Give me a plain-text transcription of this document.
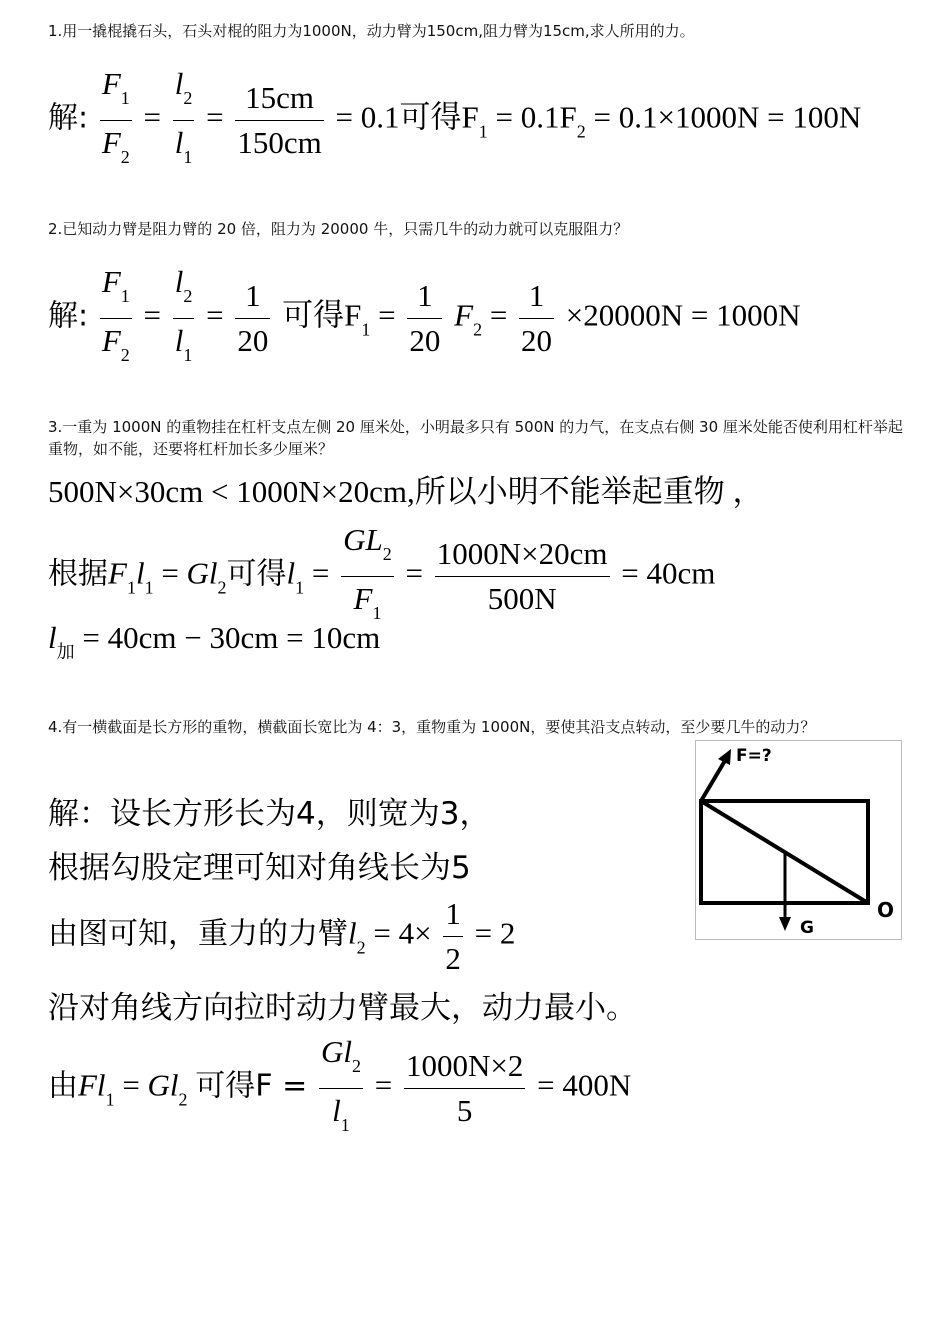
1.用一撬棍撬石头，石头对棍的阻力为1000N，动力臂为150cm,阻力臂为15cm,求人所用的力。
解: $\frac{F_1}{F_2} = \frac{l_2}{l_1} = \frac{15cm}{150cm} = 0.1$可得$F_1 = 0.1F_2 = 0.1\times 1000N = 100N$
2.已知动力臂是阻力臂的 20 倍，阻力为 20000 牛，只需几牛的动力就可以克服阻力？
解: $\frac{F_1}{F_2} = \frac{l_2}{l_1} = \frac{1}{20}$ 可得$F_1 = \frac{1}{20} F_2 = \frac{1}{20} \times 20000N = 1000N$
3.一重为 1000N 的重物挂在杠杆支点左侧 20 厘米处，小明最多只有 500N 的力气，在支点右侧 30 厘米处能否使利用杠杆举起重物，如不能，还要将杠杆加长多少厘米？
500N×30cm < 1000N×20cm,所以小明不能举起重物 ，
根据$F_1l_1 = Gl_2$可得$l_1 = \frac{GL_2}{F_1} = \frac{1000N\times 20cm}{500N} = 40cm$
$l_加 = 40cm - 30cm = 10cm$
4.有一横截面是长方形的重物，横截面长宽比为 4：3，重物重为 1000N，要使其沿支点转动，至少要几牛的动力？
解：设长方形长为4，则宽为3，
根据勾股定理可知对角线长为5
由图可知，重力的力臂$l_2 = 4\times \frac{1}{2} = 2$
沿对角线方向拉时动力臂最大，动力最小。
由$Fl_1 = Gl_2$ 可得$F = \frac{Gl_2}{l_1} = \frac{1000N\times 2}{5} = 400N$
F=?
G
O
